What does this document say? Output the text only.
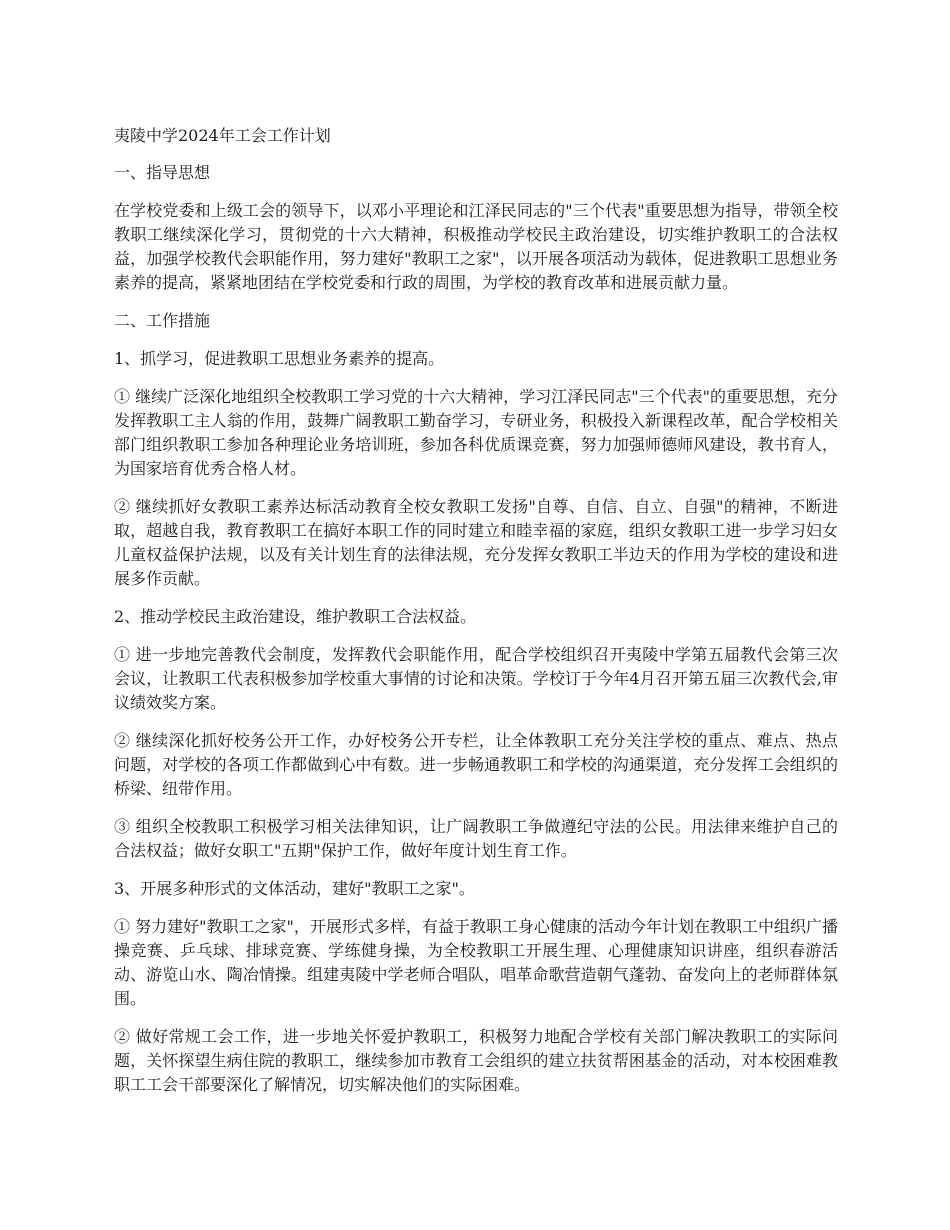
夷陵中学2024年工会工作计划

一、指导思想

在学校党委和上级工会的领导下，以邓小平理论和江泽民同志的"三个代表"重要思想为指导，带领全校教职工继续深化学习，贯彻党的十六大精神，积极推动学校民主政治建设，切实维护教职工的合法权益，加强学校教代会职能作用，努力建好"教职工之家"，以开展各项活动为载体，促进教职工思想业务素养的提高，紧紧地团结在学校党委和行政的周围，为学校的教育改革和进展贡献力量。

二、工作措施

1、抓学习，促进教职工思想业务素养的提高。

① 继续广泛深化地组织全校教职工学习党的十六大精神，学习江泽民同志"三个代表"的重要思想，充分发挥教职工主人翁的作用，鼓舞广阔教职工勤奋学习，专研业务，积极投入新课程改革，配合学校相关部门组织教职工参加各种理论业务培训班，参加各科优质课竞赛，努力加强师德师风建设，教书育人，为国家培育优秀合格人材。

② 继续抓好女教职工素养达标活动教育全校女教职工发扬"自尊、自信、自立、自强"的精神，不断进取，超越自我，教育教职工在搞好本职工作的同时建立和睦幸福的家庭，组织女教职工进一步学习妇女儿童权益保护法规，以及有关计划生育的法律法规，充分发挥女教职工半边天的作用为学校的建设和进展多作贡献。

2、推动学校民主政治建设，维护教职工合法权益。

① 进一步地完善教代会制度，发挥教代会职能作用，配合学校组织召开夷陵中学第五届教代会第三次会议，让教职工代表积极参加学校重大事情的讨论和决策。学校订于今年4月召开第五届三次教代会,审议绩效奖方案。

② 继续深化抓好校务公开工作，办好校务公开专栏，让全体教职工充分关注学校的重点、难点、热点问题，对学校的各项工作都做到心中有数。进一步畅通教职工和学校的沟通渠道，充分发挥工会组织的桥梁、纽带作用。

③ 组织全校教职工积极学习相关法律知识，让广阔教职工争做遵纪守法的公民。用法律来维护自己的合法权益；做好女职工"五期"保护工作，做好年度计划生育工作。

3、开展多种形式的文体活动，建好"教职工之家"。

① 努力建好"教职工之家"，开展形式多样，有益于教职工身心健康的活动今年计划在教职工中组织广播操竞赛、乒乓球、排球竞赛、学练健身操，为全校教职工开展生理、心理健康知识讲座，组织春游活动、游览山水、陶冶情操。组建夷陵中学老师合唱队，唱革命歌营造朝气蓬勃、奋发向上的老师群体氛围。

② 做好常规工会工作，进一步地关怀爱护教职工，积极努力地配合学校有关部门解决教职工的实际问题，关怀探望生病住院的教职工，继续参加市教育工会组织的建立扶贫帮困基金的活动，对本校困难教职工工会干部要深化了解情况，切实解决他们的实际困难。
